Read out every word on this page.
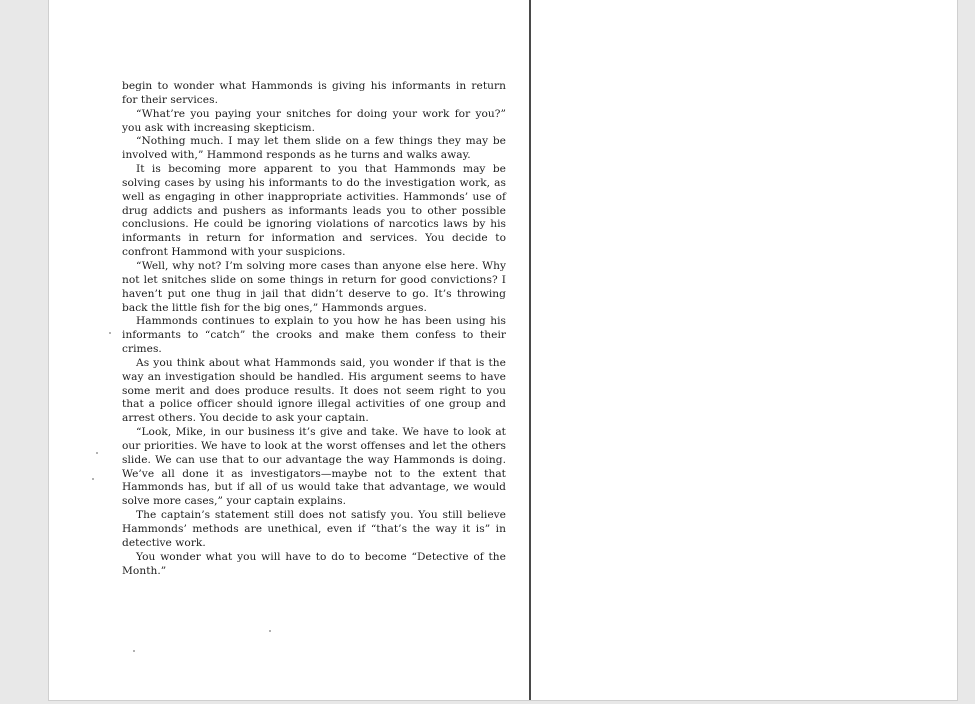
begin to wonder what Hammonds is giving his informants in return for their services.

“What’re you paying your snitches for doing your work for you?” you ask with increasing skepticism.

“Nothing much. I may let them slide on a few things they may be involved with,” Hammond responds as he turns and walks away.

It is becoming more apparent to you that Hammonds may be solving cases by using his informants to do the investigation work, as well as engaging in other inappropriate activities. Hammonds’ use of drug addicts and pushers as informants leads you to other possible conclusions. He could be ignoring violations of narcotics laws by his informants in return for information and services. You decide to confront Hammond with your suspicions.

“Well, why not? I’m solving more cases than anyone else here. Why not let snitches slide on some things in return for good convictions? I haven’t put one thug in jail that didn’t deserve to go. It’s throwing back the little fish for the big ones,” Hammonds argues.

Hammonds continues to explain to you how he has been using his informants to “catch” the crooks and make them confess to their crimes.

As you think about what Hammonds said, you wonder if that is the way an investigation should be handled. His argument seems to have some merit and does produce results. It does not seem right to you that a police officer should ignore illegal activities of one group and arrest others. You decide to ask your captain.

“Look, Mike, in our business it’s give and take. We have to look at our priorities. We have to look at the worst offenses and let the others slide. We can use that to our advantage the way Hammonds is doing. We’ve all done it as investigators—maybe not to the extent that Hammonds has, but if all of us would take that advantage, we would solve more cases,” your captain explains.

The captain’s statement still does not satisfy you. You still believe Hammonds’ methods are unethical, even if “that’s the way it is” in detective work.

You wonder what you will have to do to become “Detective of the Month.”
